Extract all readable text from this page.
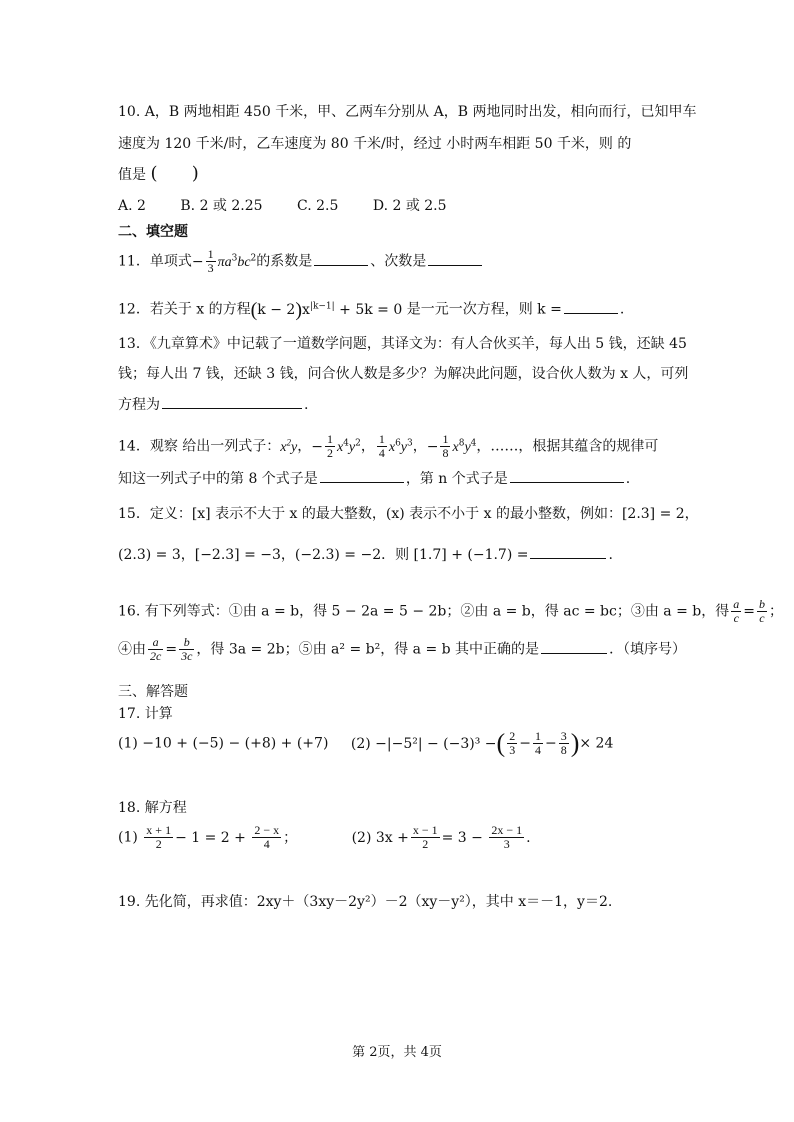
10. A，B 两地相距 450 千米，甲、乙两车分别从 A，B 两地同时出发，相向而行，已知甲车
速度为 120 千米/时，乙车速度为 80 千米/时，经过 小时两车相距 50 千米，则 的
值是 (      )
A. 2 B. 2 或 2.25 C. 2.5 D. 2 或 2.5
二、填空题
11．单项式− $\frac{1}{3} \pi a^3bc^2$的系数是	、次数是
12．若关于 x 的方程$(k - 2)x^{|k-1|} + 5k = 0$ 是一元一次方程，则 k =	.
13．《九章算术》中记载了一道数学问题，其译文为：有人合伙买羊，每人出 5 钱，还缺 45
钱；每人出 7 钱，还缺 3 钱，问合伙人数是多少？为解决此问题，设合伙人数为 x 人，可列
方程为	.
14．观察 给出一列式子：$x^2y$，− $\frac{1}{2} x^4y^2$， $\frac{1}{4} x^6y^3$，− $\frac{1}{8} x^8y^4$，……，根据其蕴含的规律可
知这一列式子中的第 8 个式子是	，第 n 个式子是	.
15．定义：[x] 表示不大于 x 的最大整数，(x) 表示不小于 x 的最小整数，例如：[2.3] = 2，
(2.3) = 3，[−2.3] = −3，(−2.3) = −2．则 [1.7] + (−1.7) =	.
16. 有下列等式：①由 a = b，得 5 − 2a = 5 − 2b；②由 a = b，得 ac = bc；③由 a = b，得 $\frac{a}{c} = \frac{b}{c}$ ；
④由 $\frac{a}{2c} = \frac{b}{3c}$ ，得 3a = 2b；⑤由 a² = b²，得 a = b 其中正确的是	．（填序号）
三、解答题
17. 计算
(1) −10 + (−5) − (+8) + (+7) (2) −|−5²| − (−3)³ −( $\frac{2}{3} - \frac{1}{4} - \frac{3}{8}$ )× 24
18. 解方程
$(1) \frac{x + 1}{2} - 1 = 2 + \frac{2 - x}{4}$ ；	(2) $3x + \frac{x - 1}{2} = 3 - \frac{2x - 1}{3}$ .
19. 先化简，再求值：2xy＋（3xy－2y²）－2（xy－y²），其中 x＝－1，y＝2.
第 2页，共 4页
